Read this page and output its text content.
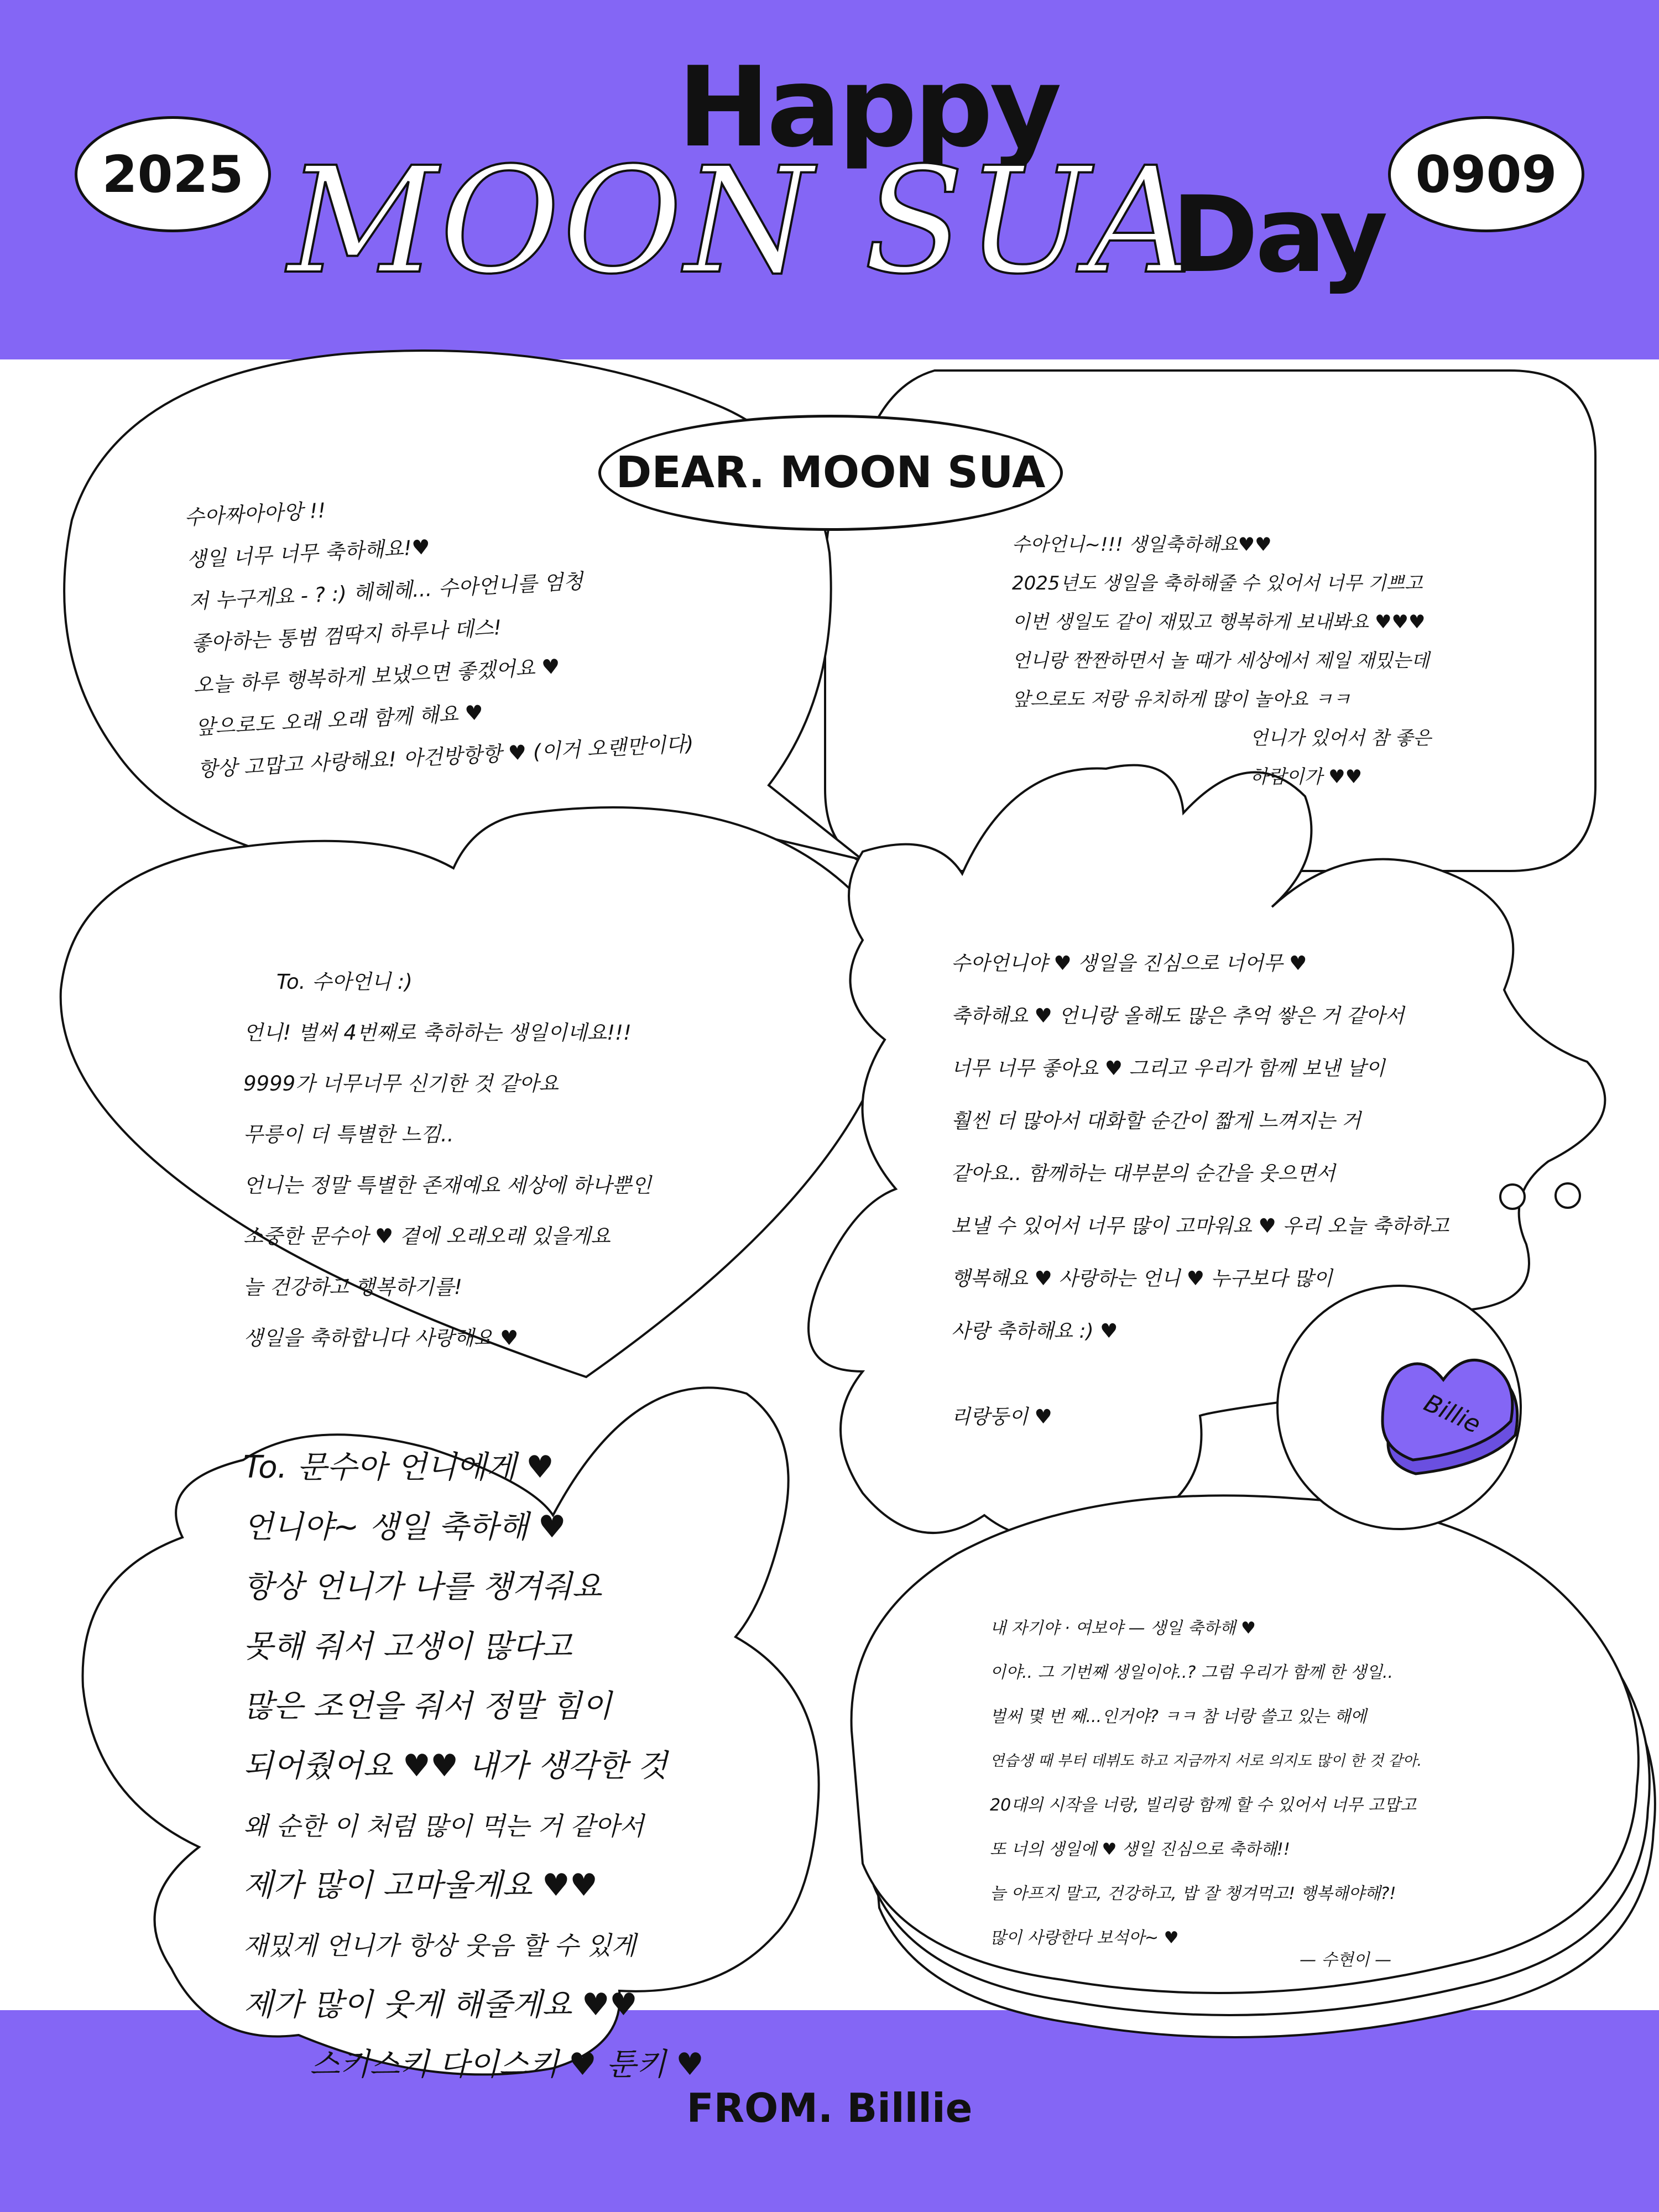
2025	0909
Happy
MOON SUA
Day
DEAR. MOON SUA
Billie
수아짜아아앙 !!
생일 너무 너무 축하해요!♥
저 누구게요 - ? :) 헤헤헤... 수아언니를 엄청
좋아하는 통범 껌딱지 하루나 데스!
오늘 하루 행복하게 보냈으면 좋겠어요 ♥
앞으로도 오래 오래 함께 해요 ♥
항상 고맙고 사랑해요! 아건방항항 ♥ (이거 오랜만이다)
수아언니~!!! 생일축하해요♥♥
2025년도 생일을 축하해줄 수 있어서 너무 기쁘고
이번 생일도 같이 재밌고 행복하게 보내봐요 ♥♥♥
언니랑 짠짠하면서 놀 때가 세상에서 제일 재밌는데
앞으로도 저랑 유치하게 많이 놀아요 ㅋㅋ
언니가 있어서 참 좋은
하람이가 ♥♥
To. 수아언니 :)
언니! 벌써 4번째로 축하하는 생일이네요!!!
9999가 너무너무 신기한 것 같아요
무릉이 더 특별한 느낌..
언니는 정말 특별한 존재예요 세상에 하나뿐인
소중한 문수아 ♥ 곁에 오래오래 있을게요
늘 건강하고 행복하기를!
생일을 축하합니다 사랑해요 ♥
수아언니야 ♥ 생일을 진심으로 너어무 ♥
축하해요 ♥ 언니랑 올해도 많은 추억 쌓은 거 같아서
너무 너무 좋아요 ♥ 그리고 우리가 함께 보낸 날이
훨씬 더 많아서 대화할 순간이 짧게 느껴지는 거
같아요.. 함께하는 대부분의 순간을 웃으면서
보낼 수 있어서 너무 많이 고마워요 ♥ 우리 오늘 축하하고
행복해요 ♥ 사랑하는 언니 ♥ 누구보다 많이
사랑 축하해요 :) ♥
리랑둥이 ♥
To. 문수아 언니에게 ♥
언니야~ 생일 축하해 ♥
항상 언니가 나를 챙겨줘요
못해 줘서 고생이 많다고
많은 조언을 줘서 정말 힘이
되어줬어요 ♥♥ 내가 생각한 것
왜 순한 이 처럼 많이 먹는 거 같아서
제가 많이 고마울게요 ♥♥
재밌게 언니가 항상 웃음 할 수 있게
제가 많이 웃게 해줄게요 ♥♥
스키스키 다이스키 ♥ 툰키 ♥
내 자기야 · 여보야 — 생일 축하해 ♥
이야.. 그 기번째 생일이야..? 그럼 우리가 함께 한 생일..
벌써 몇 번 째...인거야? ㅋㅋ 참 너랑 쓸고 있는 해에
연습생 때 부터 데뷔도 하고 지금까지 서로 의지도 많이 한 것 같아.
20대의 시작을 너랑, 빌리랑 함께 할 수 있어서 너무 고맙고
또 너의 생일에 ♥ 생일 진심으로 축하해!!
늘 아프지 말고, 건강하고, 밥 잘 챙겨먹고! 행복해야해?!
많이 사랑한다 보석아~ ♥
— 수현이 —
FROM. Billlie
